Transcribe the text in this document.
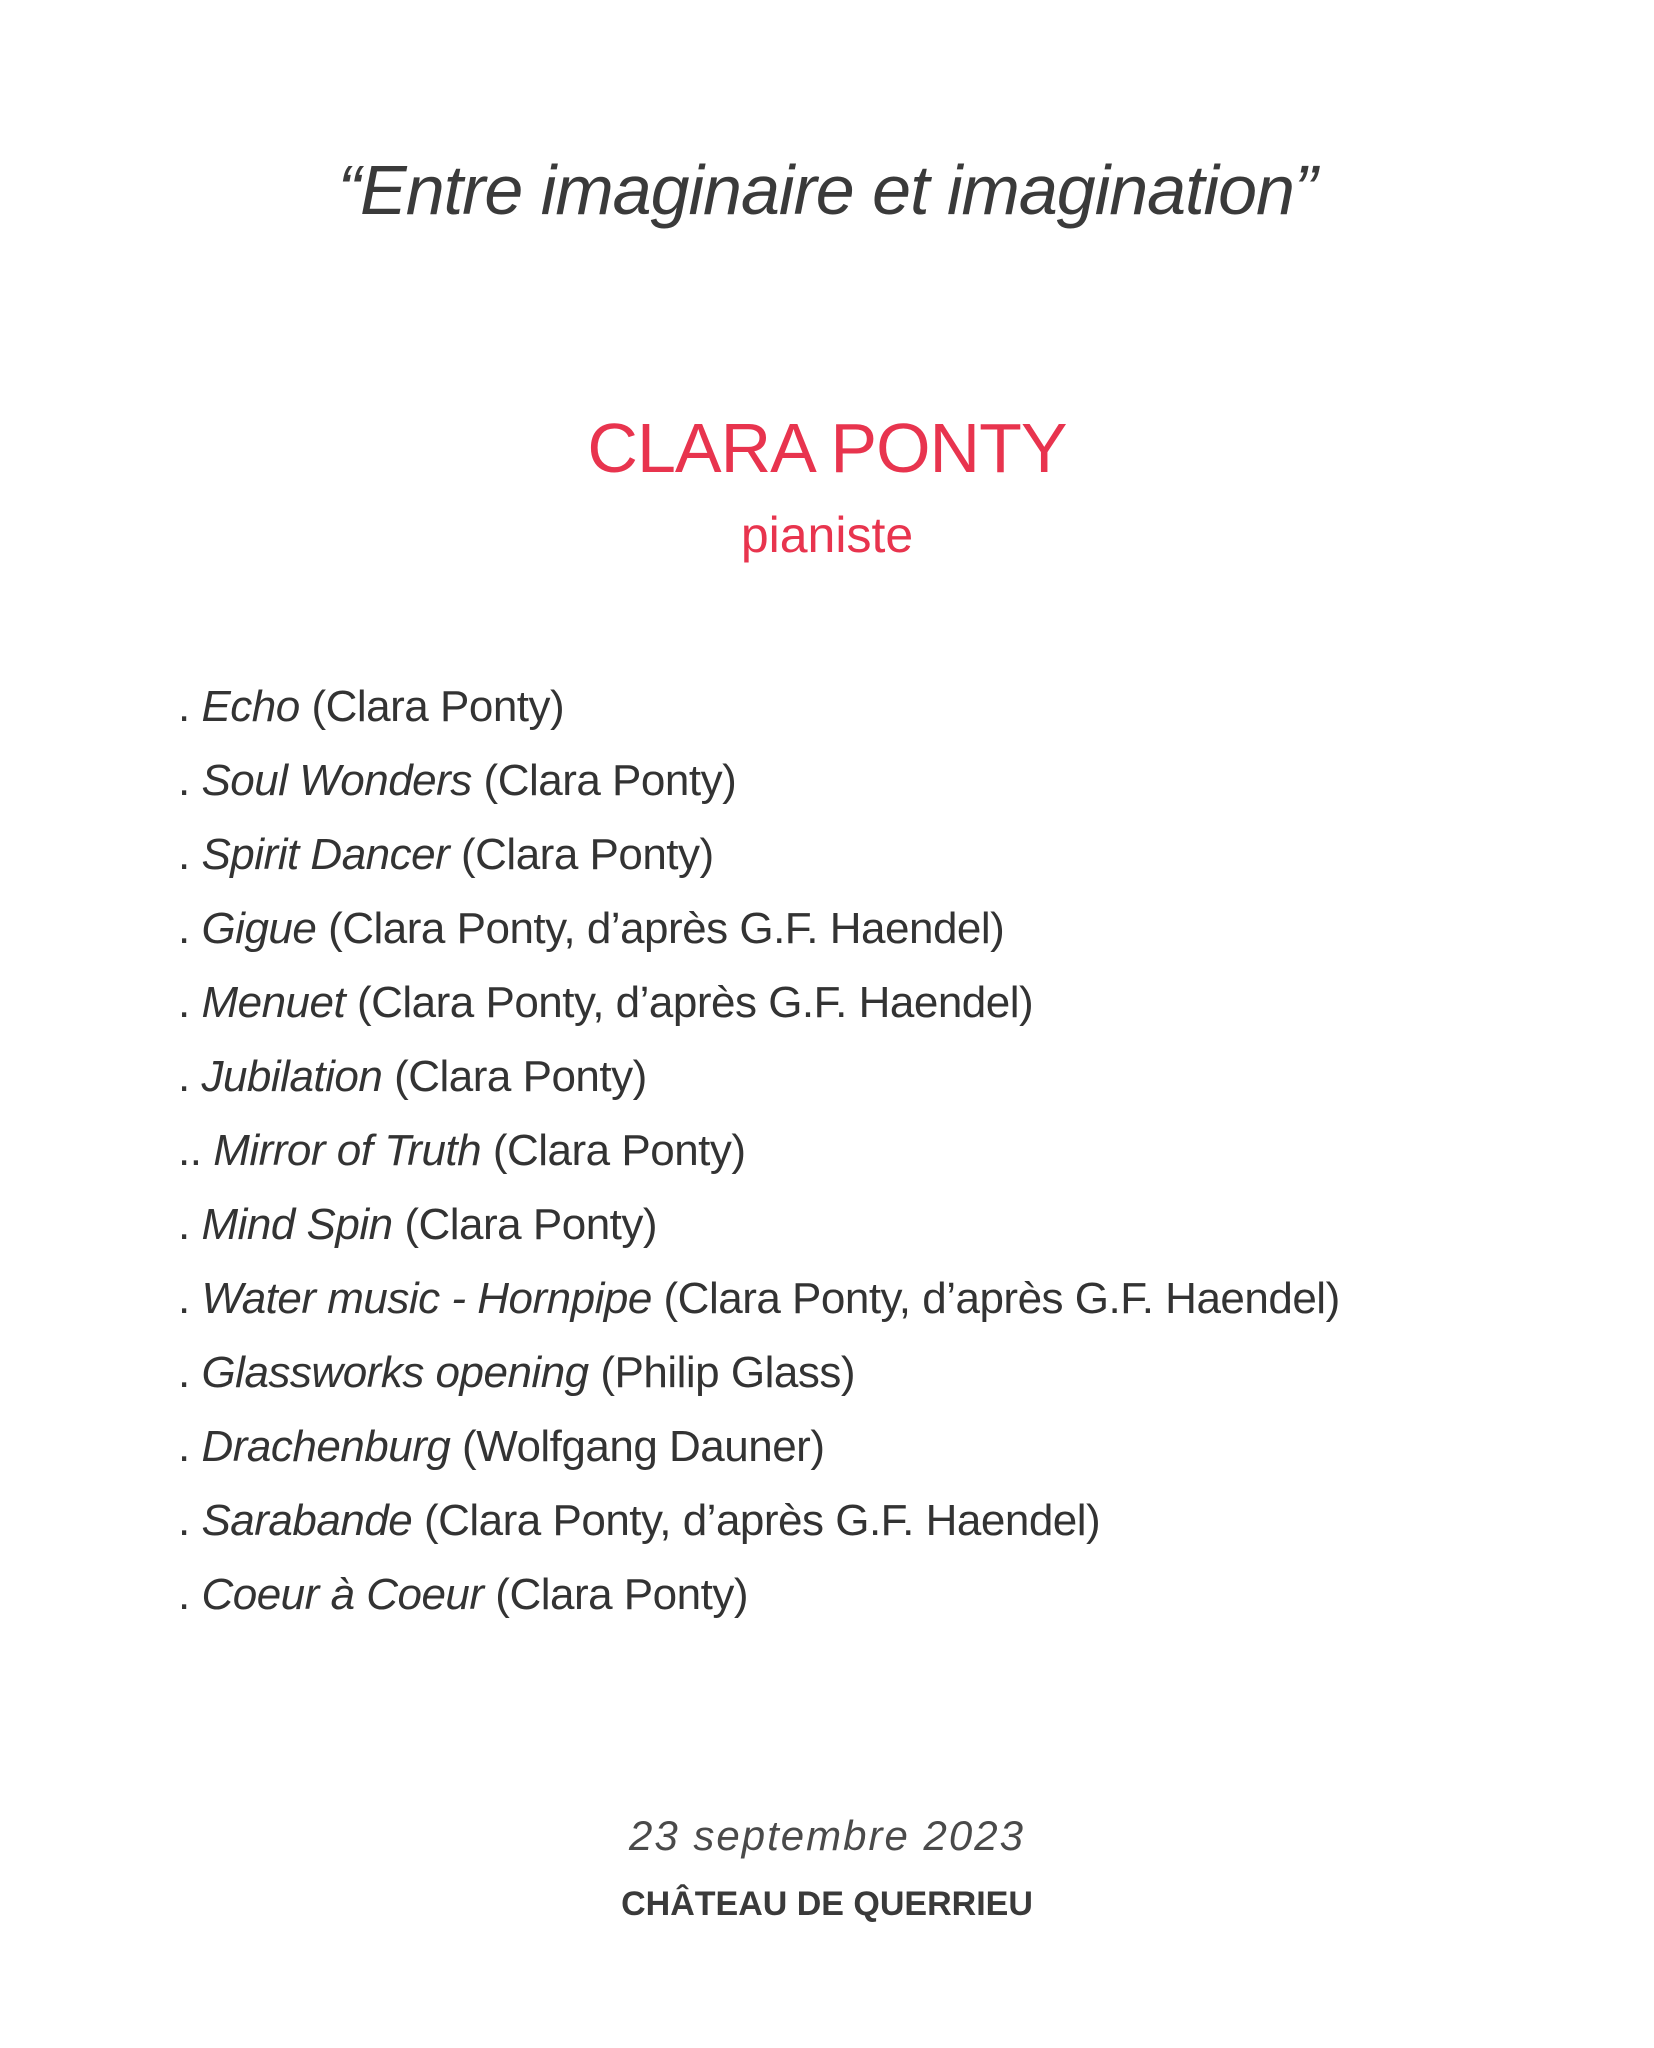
“Entre imaginaire et imagination”
CLARA PONTY
pianiste
. Echo (Clara Ponty)
. Soul Wonders (Clara Ponty)
. Spirit Dancer (Clara Ponty)
. Gigue (Clara Ponty, d’après G.F. Haendel)
. Menuet (Clara Ponty, d’après G.F. Haendel)
. Jubilation (Clara Ponty)
.. Mirror of Truth (Clara Ponty)
. Mind Spin (Clara Ponty)
. Water music - Hornpipe (Clara Ponty, d’après G.F. Haendel)
. Glassworks opening (Philip Glass)
. Drachenburg (Wolfgang Dauner)
. Sarabande (Clara Ponty, d’après G.F. Haendel)
. Coeur à Coeur (Clara Ponty)
23 septembre 2023
CHÂTEAU DE QUERRIEU
